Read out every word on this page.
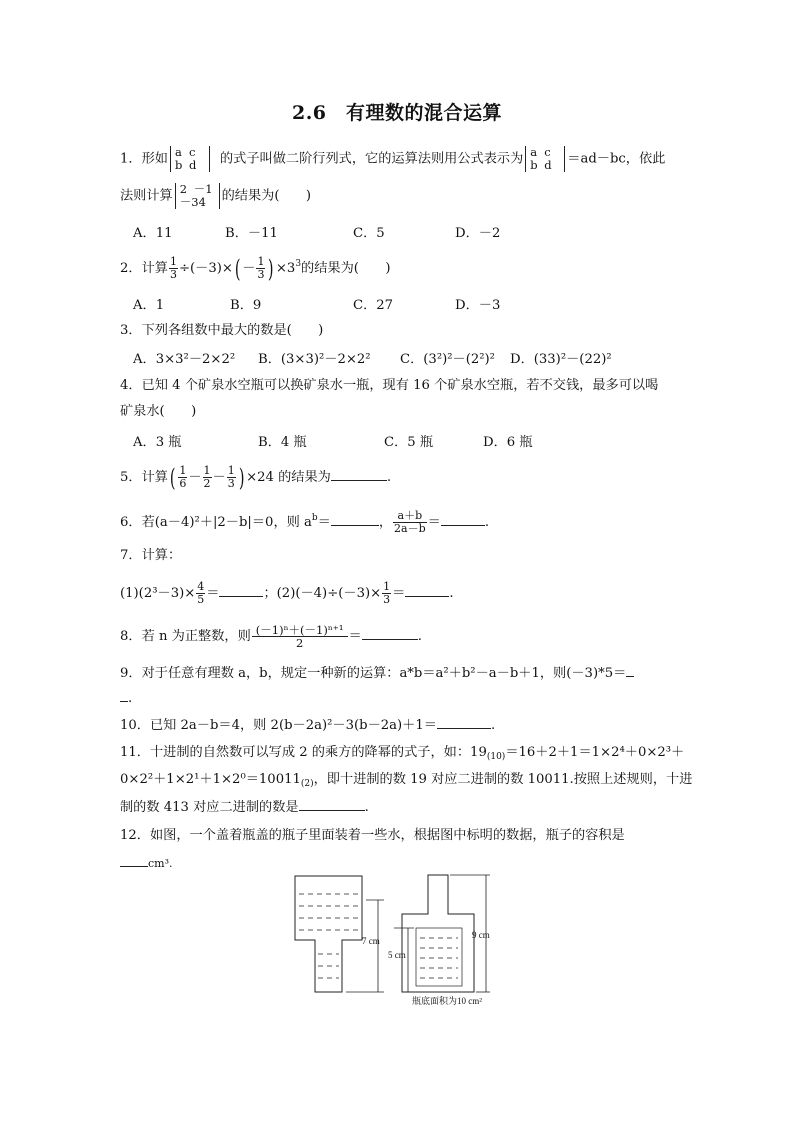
2.6　有理数的混合运算
1．形如 a c
b d	的式子叫做二阶行列式，它的运算法则用公式表示为 a c
b d	＝ad－bc，依此
法则计算 2 －1
－34	的结果为(　　)
A．11	B．－11	C．5	D．－2
2．计算 $\frac{1}{3} \div(-3)\times( - \frac{1}{3}$ ) $\times 3^3$的结果为(　　)
A．1	B．9	C．27	D．－3
3．下列各组数中最大的数是(　　)
A．3×3²－2×2² B．(3×3)²－2×2² C．(3²)²－(2²)² D．(33)²－(22)²
4．已知 4 个矿泉水空瓶可以换矿泉水一瓶，现有 16 个矿泉水空瓶，若不交钱，最多可以喝
矿泉水(　　)
A．3 瓶	B．4 瓶	C．5 瓶	D．6 瓶
5．计算( $\frac{1}{6} - \frac{1}{2} - \frac{1}{3}$ ) ×24 的结果为	.
6．若(a－4)²＋|2－b|＝0，则 $a^b=$	， $\frac{a+b}{2a-b}$ ＝	.
7．计算：
$(1)(2^3-3)\times \frac{4}{5}$ ＝	；$(2)(-4)\div(-3)\times \frac{1}{3}$ ＝	.
8．若 n 为正整数，则 $\frac{\text{(－1)ⁿ＋(－1)ⁿ⁺¹}}{2}$ ＝	.
9．对于任意有理数 a，b，规定一种新的运算：a*b＝a²＋b²－a－b＋1，则(－3)*5＝
.
10．已知 2a－b＝4，则 2(b－2a)²－3(b－2a)＋1＝	.
11．十进制的自然数可以写成 2 的乘方的降幂的式子，如：$19_{(10)}=16+2+1=1\times 2^4+0\times 2^3+$
$0\times 2^2+1\times 2^1+1\times 2^0=10011_{(2)}$，即十进制的数 19 对应二进制的数 10011.按照上述规则，十进
制的数 413 对应二进制的数是	.
12．如图，一个盖着瓶盖的瓶子里面装着一些水，根据图中标明的数据，瓶子的容积是
cm³.
7 cm
5 cm
9 cm
瓶底面积为10 cm²
